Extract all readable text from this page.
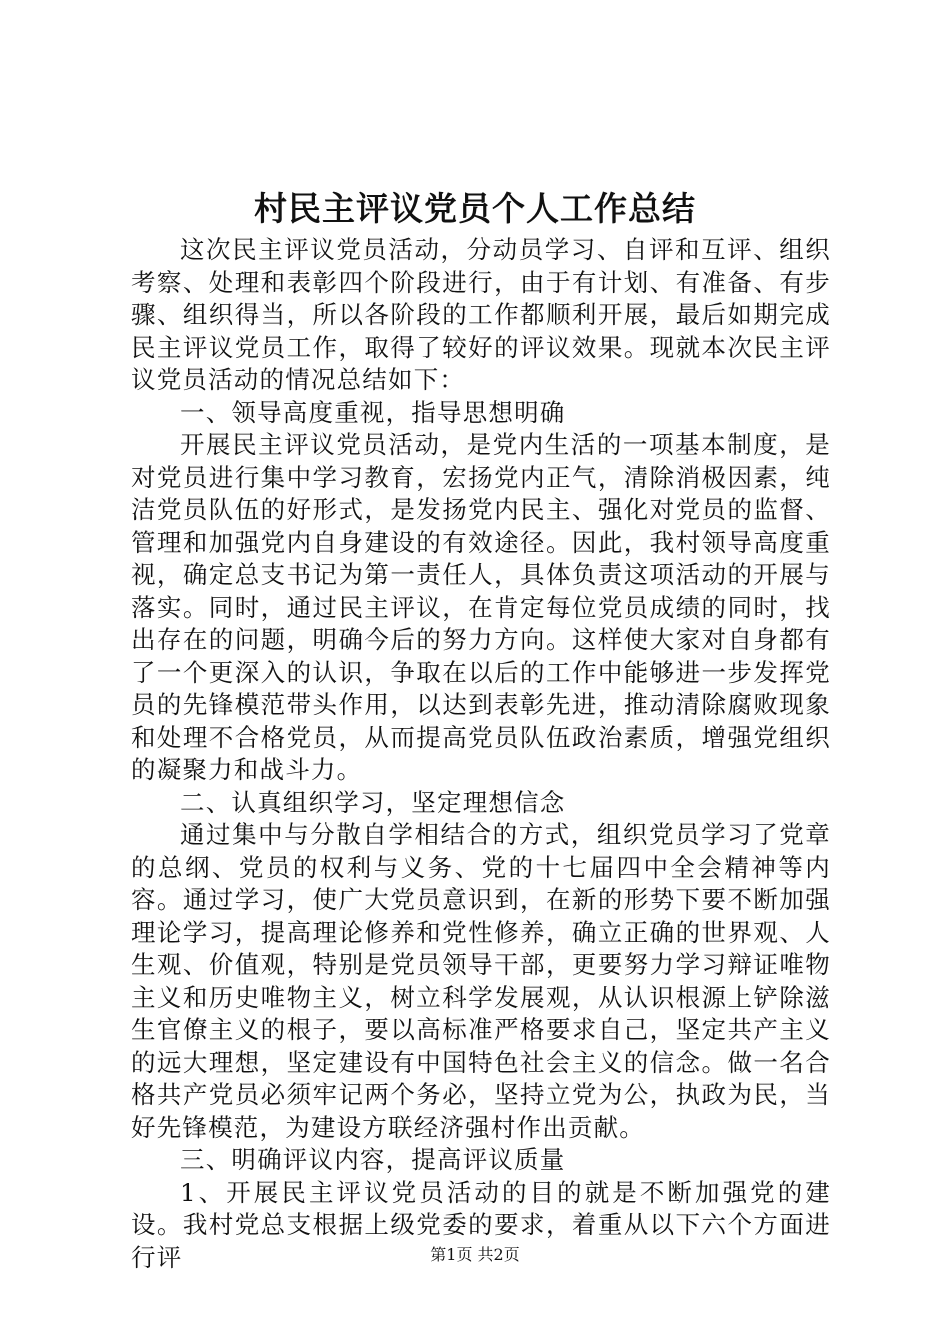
村民主评议党员个人工作总结

这次民主评议党员活动，分动员学习、自评和互评、组织考察、处理和表彰四个阶段进行，由于有计划、有准备、有步骤、组织得当，所以各阶段的工作都顺利开展，最后如期完成民主评议党员工作，取得了较好的评议效果。现就本次民主评议党员活动的情况总结如下：

一、领导高度重视，指导思想明确

开展民主评议党员活动，是党内生活的一项基本制度，是对党员进行集中学习教育，宏扬党内正气，清除消极因素，纯洁党员队伍的好形式，是发扬党内民主、强化对党员的监督、管理和加强党内自身建设的有效途径。因此，我村领导高度重视，确定总支书记为第一责任人，具体负责这项活动的开展与落实。同时，通过民主评议，在肯定每位党员成绩的同时，找出存在的问题，明确今后的努力方向。这样使大家对自身都有了一个更深入的认识，争取在以后的工作中能够进一步发挥党员的先锋模范带头作用，以达到表彰先进，推动清除腐败现象和处理不合格党员，从而提高党员队伍政治素质，增强党组织的凝聚力和战斗力。

二、认真组织学习，坚定理想信念

通过集中与分散自学相结合的方式，组织党员学习了党章的总纲、党员的权利与义务、党的十七届四中全会精神等内容。通过学习，使广大党员意识到，在新的形势下要不断加强理论学习，提高理论修养和党性修养，确立正确的世界观、人生观、价值观，特别是党员领导干部，更要努力学习辩证唯物主义和历史唯物主义，树立科学发展观，从认识根源上铲除滋生官僚主义的根子，要以高标准严格要求自己，坚定共产主义的远大理想，坚定建设有中国特色社会主义的信念。做一名合格共产党员必须牢记两个务必，坚持立党为公，执政为民，当好先锋模范，为建设方联经济强村作出贡献。

三、明确评议内容，提高评议质量

1、开展民主评议党员活动的目的就是不断加强党的建设。我村党总支根据上级党委的要求，着重从以下六个方面进行评	第1页 共2页
